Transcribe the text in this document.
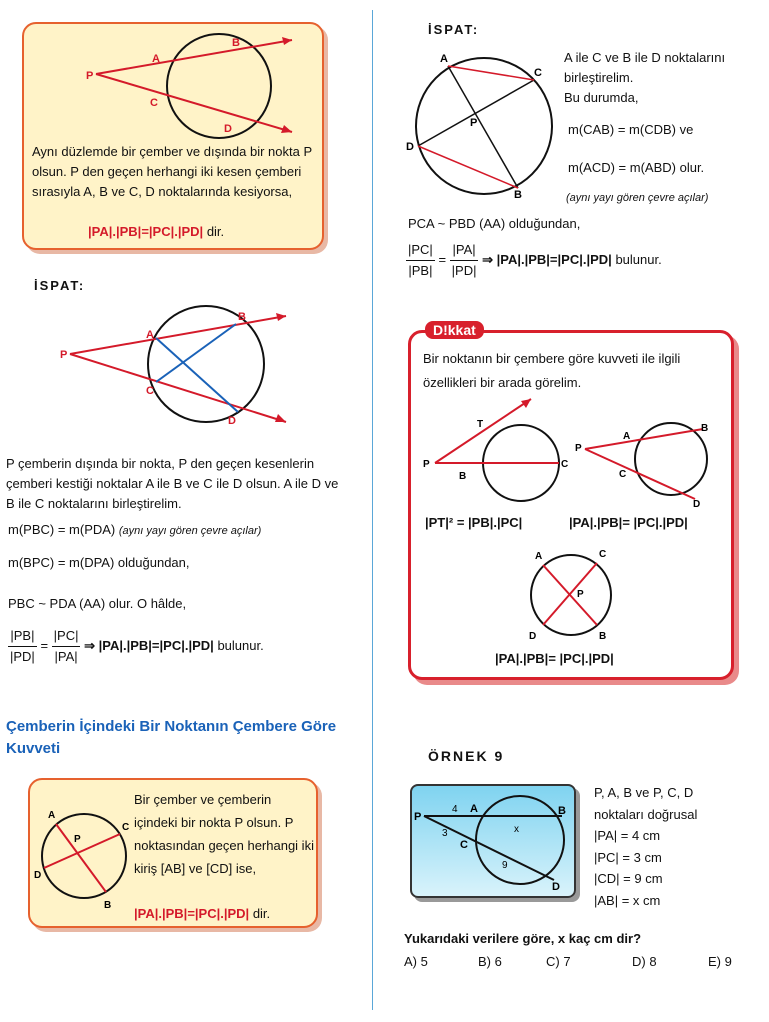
P
A
B
C
D
Aynı düzlemde bir çember ve dışında bir nokta P olsun. P den geçen herhangi iki kesen çemberi sırasıyla A, B ve C, D noktalarında kesiyorsa,
|PA|.|PB|=|PC|.|PD| dir.
İSPAT:
P
A
B
C
D
P çemberin dışında bir nokta, P den geçen kesenlerin çemberi kestiği noktalar A ile B ve C ile D olsun. A ile D ve B ile C noktalarını birleştirelim.
m(PBC) = m(PDA) (aynı yayı gören çevre açılar)
m(BPC) = m(DPA) olduğundan,
PBC ~ PDA (AA) olur. O hâlde,
$\frac{|PB|}{|PD|} = \frac{|PC|}{|PA|}$ ⇒ |PA|.|PB|=|PC|.|PD| bulunur.
Çemberin İçindeki Bir Noktanın Çembere Göre Kuvveti
A
C
P
D
B
Bir çember ve çemberin içindeki bir nokta P olsun. P noktasından geçen herhangi iki kiriş [AB] ve [CD] ise,
|PA|.|PB|=|PC|.|PD| dir.
İSPAT:
A
C
P
D
B
A ile C ve B ile D noktalarını birleştirelim.
Bu durumda,
m(CAB) = m(CDB) ve
m(ACD) = m(ABD) olur.
(aynı yayı gören çevre açılar)
PCA ~ PBD (AA) olduğundan,
$\frac{|PC|}{|PB|} = \frac{|PA|}{|PD|}$ ⇒ |PA|.|PB|=|PC|.|PD| bulunur.
D!kkat
Bir noktanın bir çembere göre kuvveti ile ilgili özellikleri bir arada görelim.
P
T
B
C
P
A
B
C
D
|PT|² = |PB|.|PC|	|PA|.|PB|= |PC|.|PD|
A	C
P
D	B
|PA|.|PB|= |PC|.|PD|
ÖRNEK 9
P
4 A	B
x
3
C
9
D
P, A, B ve P, C, D
noktaları doğrusal
|PA| = 4 cm
|PC| = 3 cm
|CD| = 9 cm
|AB| = x cm
Yukarıdaki verilere göre, x kaç cm dir?
A) 5	B) 6	C) 7	D) 8	E) 9
